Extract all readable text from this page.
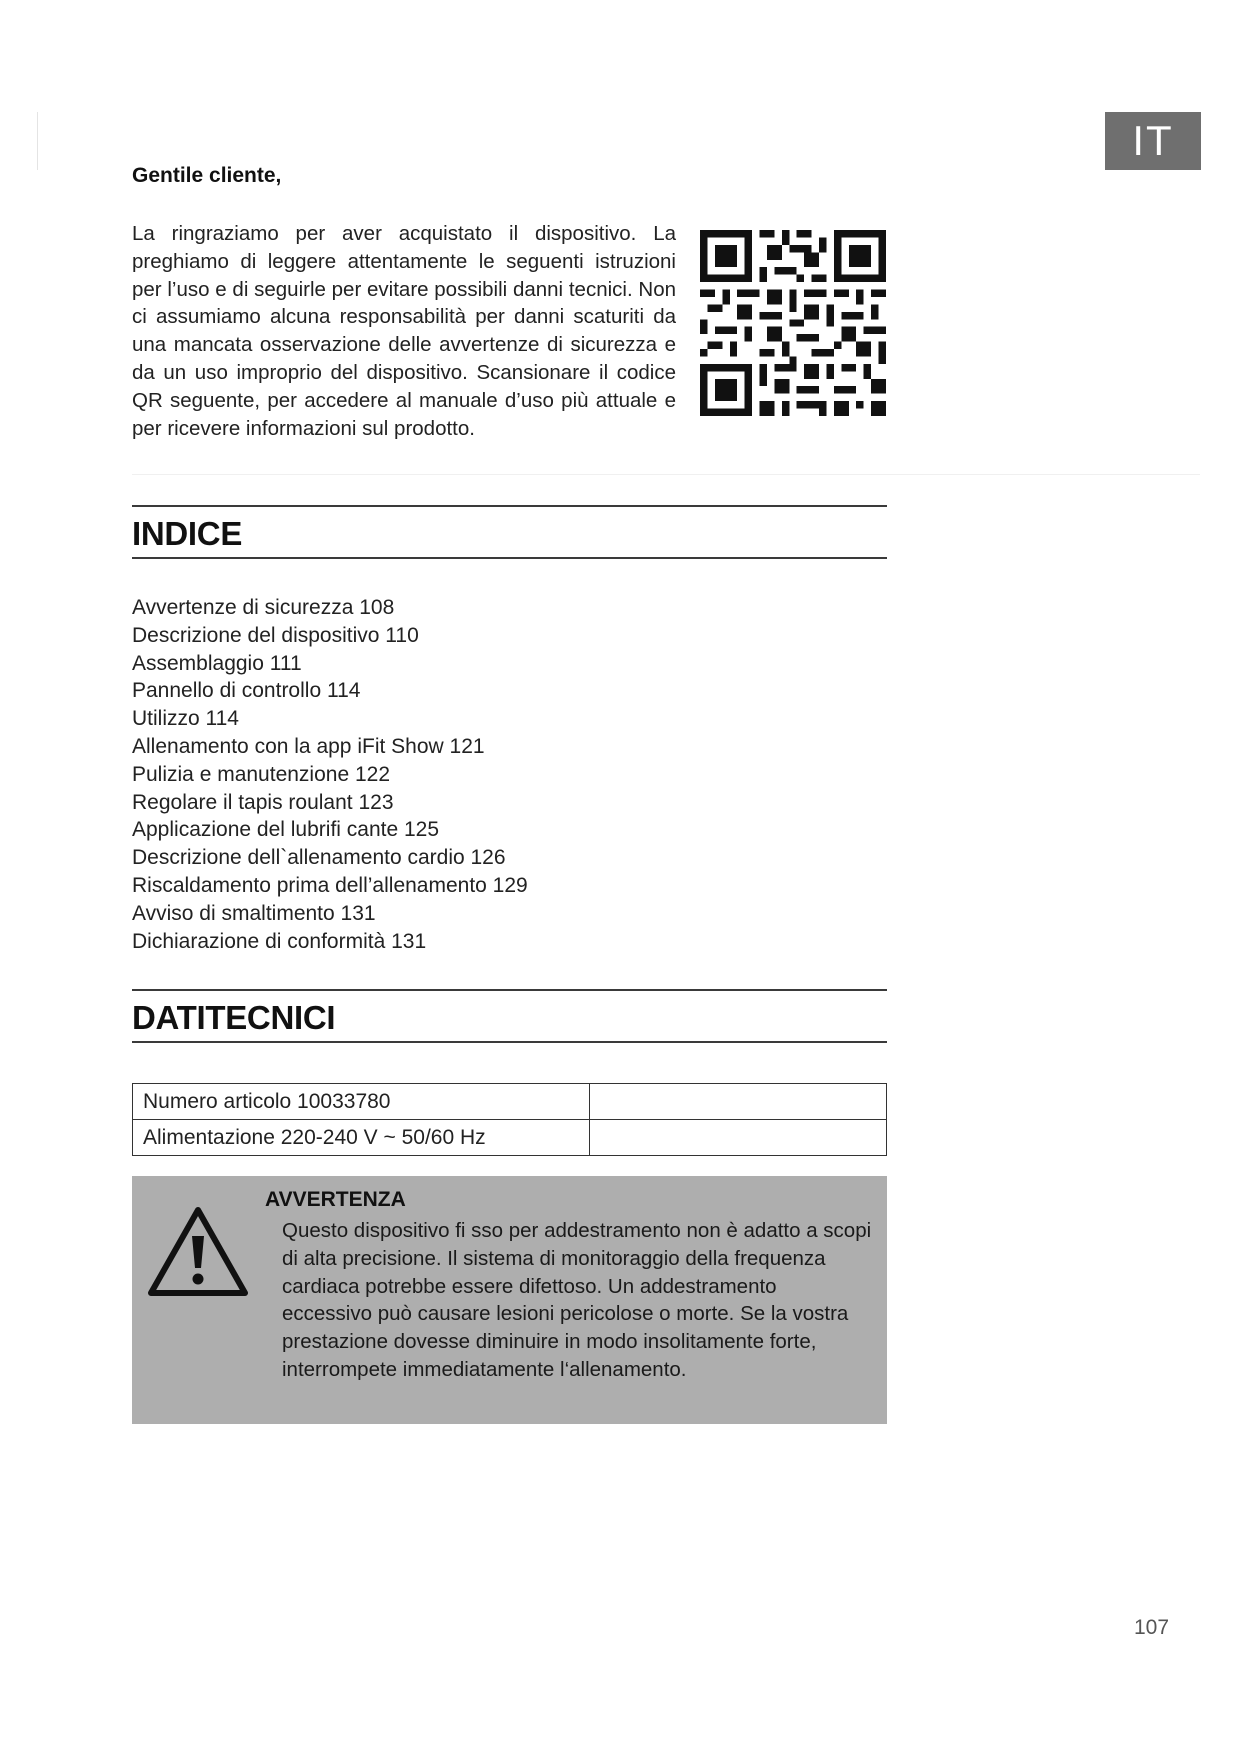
IT
Gentile cliente,

La ringraziamo per aver acquistato il dispositivo. La preghiamo di leggere attentamente le seguenti istruzioni per l’uso e di seguirle per evitare possibili danni tecnici. Non ci assumiamo alcuna responsabilità per danni scaturiti da una mancata osservazione delle avvertenze di sicurezza e da un uso improprio del dispositivo. Scansionare il codice QR seguente, per accedere al manuale d’uso più attuale e per ricevere informazioni sul prodotto.

INDICE
Avvertenze di sicurezza 108
Descrizione del dispositivo 110
Assemblaggio 111
Pannello di controllo 114
Utilizzo 114
Allenamento con la app iFit Show 121
Pulizia e manutenzione 122
Regolare il tapis roulant 123
Applicazione del lubrifi cante 125
Descrizione dell`allenamento cardio 126
Riscaldamento prima dell’allenamento 129
Avviso di smaltimento 131
Dichiarazione di conformità 131
DATITECNICI
Numero articolo 10033780	
Alimentazione 220-240 V ~ 50/60 Hz	
AVVERTENZA

Questo dispositivo fi sso per addestramento non è adatto a scopi di alta precisione. Il sistema di monitoraggio della frequenza cardiaca potrebbe essere difettoso. Un addestramento eccessivo può causare lesioni pericolose o morte. Se la vostra prestazione dovesse diminuire in modo insolitamente forte, interrompete immediatamente l‘allenamento.

107
